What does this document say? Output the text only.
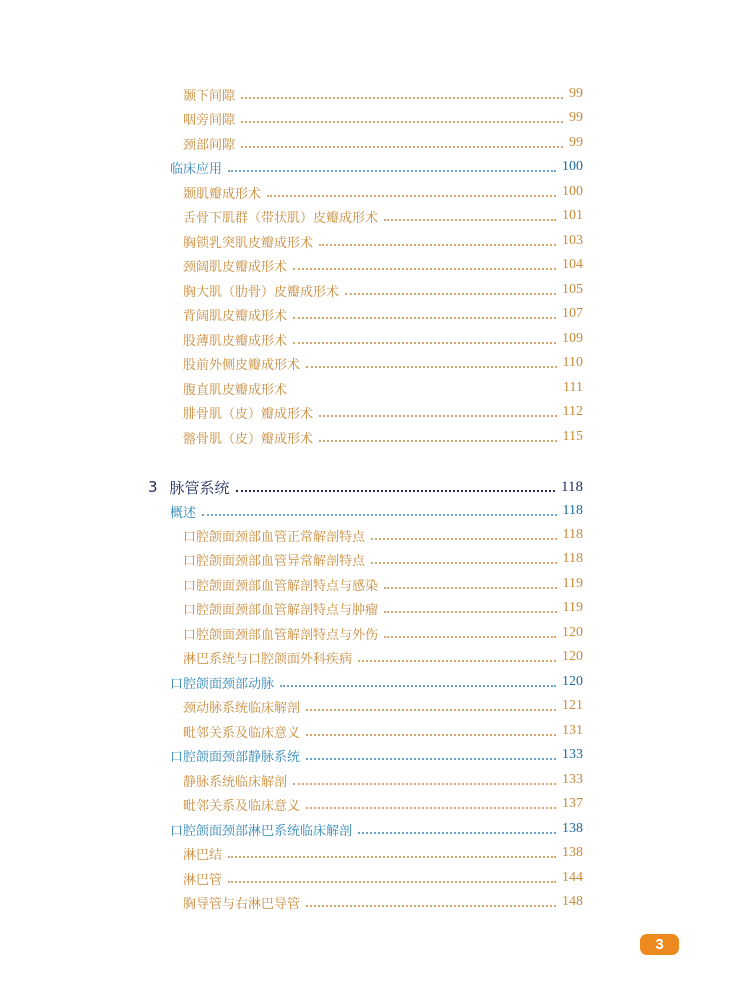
颞下间隙	99
咽旁间隙	99
颈部间隙	99
临床应用	100
颞肌瓣成形术	100
舌骨下肌群（带状肌）皮瓣成形术	101
胸锁乳突肌皮瓣成形术	103
颈阔肌皮瓣成形术	104
胸大肌（肋骨）皮瓣成形术	105
背阔肌皮瓣成形术	107
股薄肌皮瓣成形术	109
股前外侧皮瓣成形术	110
腹直肌皮瓣成形术	111
腓骨肌（皮）瓣成形术	112
髂骨肌（皮）瓣成形术	115
3 脉管系统	118
概述	118
口腔颌面颈部血管正常解剖特点	118
口腔颌面颈部血管异常解剖特点	118
口腔颌面颈部血管解剖特点与感染	119
口腔颌面颈部血管解剖特点与肿瘤	119
口腔颌面颈部血管解剖特点与外伤	120
淋巴系统与口腔颌面外科疾病	120
口腔颌面颈部动脉	120
颈动脉系统临床解剖	121
毗邻关系及临床意义	131
口腔颌面颈部静脉系统	133
静脉系统临床解剖	133
毗邻关系及临床意义	137
口腔颌面颈部淋巴系统临床解剖	138
淋巴结	138
淋巴管	144
胸导管与右淋巴导管	148
3
